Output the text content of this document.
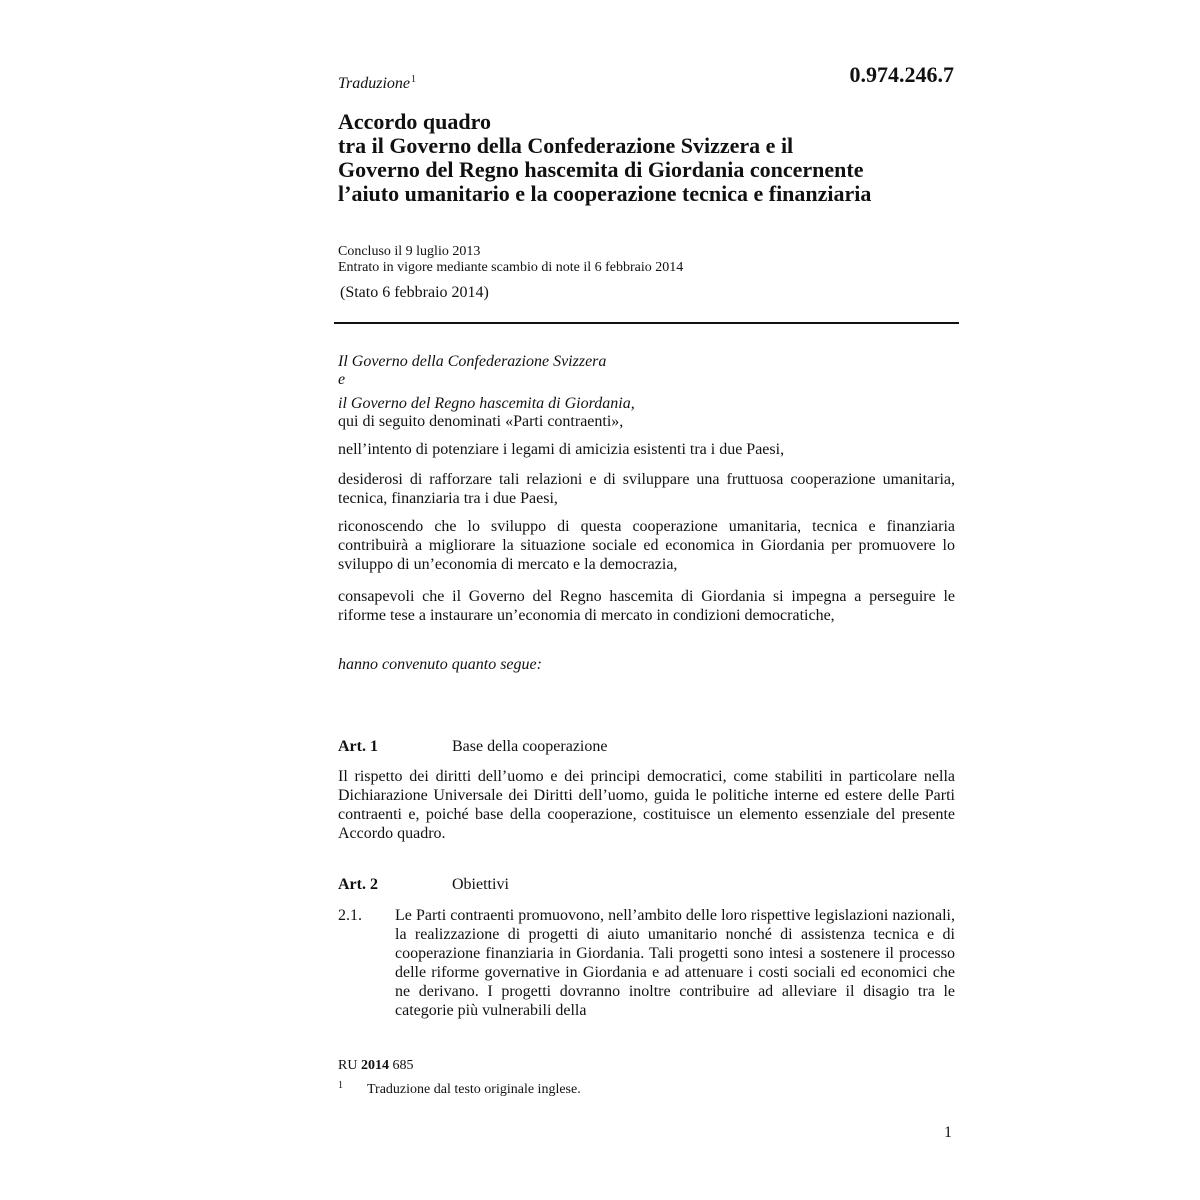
Traduzione$^1$	0.974.246.7
Accordo quadro
tra il Governo della Confederazione Svizzera e il
Governo del Regno hascemita di Giordania concernente
l’aiuto umanitario e la cooperazione tecnica e finanziaria
Concluso il 9 luglio 2013
Entrato in vigore mediante scambio di note il 6 febbraio 2014
(Stato 6 febbraio 2014)
Il Governo della Confederazione Svizzera
e
il Governo del Regno hascemita di Giordania,
qui di seguito denominati «Parti contraenti»,
nell’intento di potenziare i legami di amicizia esistenti tra i due Paesi,
desiderosi di rafforzare tali relazioni e di sviluppare una fruttuosa cooperazione umanitaria, tecnica, finanziaria tra i due Paesi,
riconoscendo che lo sviluppo di questa cooperazione umanitaria, tecnica e finanziaria contribuirà a migliorare la situazione sociale ed economica in Giordania per promuovere lo sviluppo di un’economia di mercato e la democrazia,
consapevoli che il Governo del Regno hascemita di Giordania si impegna a perseguire le riforme tese a instaurare un’economia di mercato in condizioni democratiche,
hanno convenuto quanto segue:
Art. 1	Base della cooperazione
Il rispetto dei diritti dell’uomo e dei principi democratici, come stabiliti in particolare nella Dichiarazione Universale dei Diritti dell’uomo, guida le politiche interne ed estere delle Parti contraenti e, poiché base della cooperazione, costituisce un elemento essenziale del presente Accordo quadro.
Art. 2	Obiettivi
2.1. Le Parti contraenti promuovono, nell’ambito delle loro rispettive legislazioni nazionali, la realizzazione di progetti di aiuto umanitario nonché di assistenza tecnica e di cooperazione finanziaria in Giordania. Tali progetti sono intesi a sostenere il processo delle riforme governative in Giordania e ad attenuare i costi sociali ed economici che ne derivano. I progetti dovranno inoltre contribuire ad alleviare il disagio tra le categorie più vulnerabili della
RU 2014 685
$^1$ Traduzione dal testo originale inglese.
1
